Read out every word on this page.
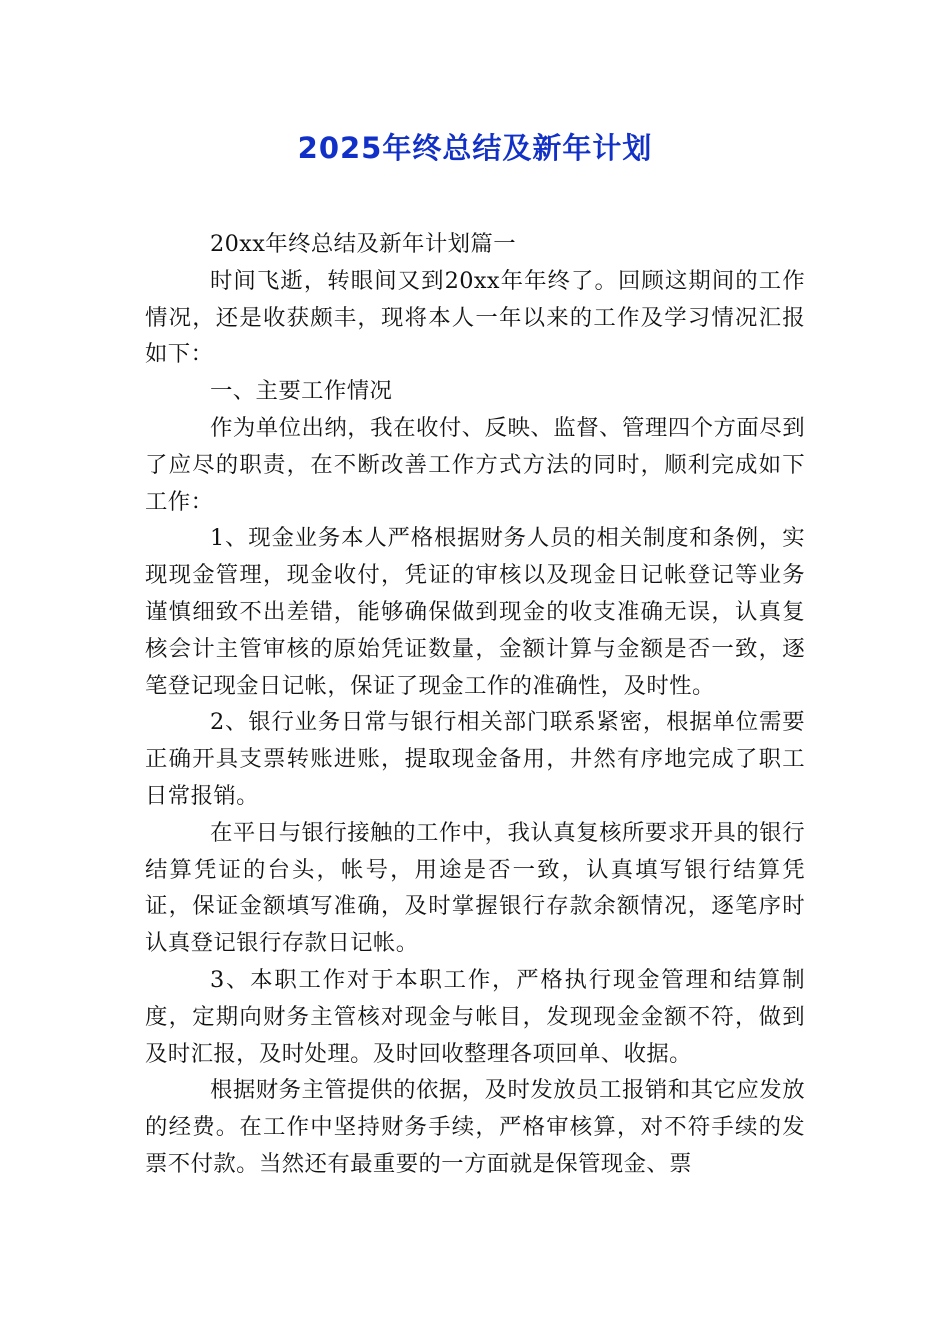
2025年终总结及新年计划

20xx年终总结及新年计划篇一

时间飞逝，转眼间又到20xx年年终了。回顾这期间的工作情况，还是收获颇丰，现将本人一年以来的工作及学习情况汇报如下：

一、主要工作情况

作为单位出纳，我在收付、反映、监督、管理四个方面尽到了应尽的职责，在不断改善工作方式方法的同时，顺利完成如下工作：

1、现金业务本人严格根据财务人员的相关制度和条例，实现现金管理，现金收付，凭证的审核以及现金日记帐登记等业务谨慎细致不出差错，能够确保做到现金的收支准确无误，认真复核会计主管审核的原始凭证数量，金额计算与金额是否一致，逐笔登记现金日记帐，保证了现金工作的准确性，及时性。

2、银行业务日常与银行相关部门联系紧密，根据单位需要正确开具支票转账进账，提取现金备用，井然有序地完成了职工日常报销。

在平日与银行接触的工作中，我认真复核所要求开具的银行结算凭证的台头，帐号，用途是否一致，认真填写银行结算凭证，保证金额填写准确，及时掌握银行存款余额情况，逐笔序时认真登记银行存款日记帐。

3、本职工作对于本职工作，严格执行现金管理和结算制度，定期向财务主管核对现金与帐目，发现现金金额不符，做到及时汇报，及时处理。及时回收整理各项回单、收据。

根据财务主管提供的依据，及时发放员工报销和其它应发放的经费。在工作中坚持财务手续，严格审核算，对不符手续的发票不付款。当然还有最重要的一方面就是保管现金、票
